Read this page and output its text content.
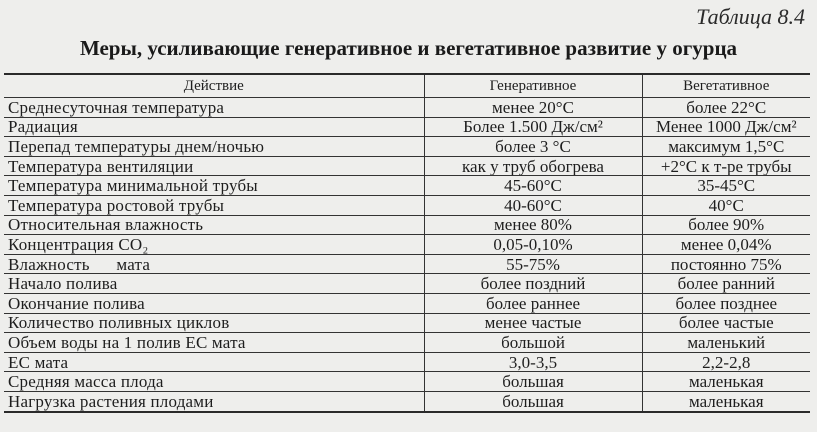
Таблица 8.4
Меры, усиливающие генеративное и вегетативное развитие у огурца
Действие	Генеративное	Вегетативное
Среднесуточная температура	менее 20°С	более 22°С
Радиация	Более 1.500 Дж/см²	Менее 1000 Дж/см²
Перепад температуры днем/ночью	более 3 °С	максимум 1,5°С
Температура вентиляции	как у труб обогрева	+2°С к т-ре трубы
Температура минимальной трубы	45-60°С	35-45°С
Температура ростовой трубы	40-60°С	40°С
Относительная влажность	менее 80%	более 90%
Концентрация CO₂	0,05-0,10%	менее 0,04%
Влажность      мата	55-75%	постоянно 75%
Начало полива	более поздний	более ранний
Окончание полива	более раннее	более позднее
Количество поливных циклов	менее частые	более частые
Объем воды на 1 полив ЕС мата	большой	маленький
ЕС мата	3,0-3,5	2,2-2,8
Средняя масса плода	большая	маленькая
Нагрузка растения плодами	большая	маленькая
